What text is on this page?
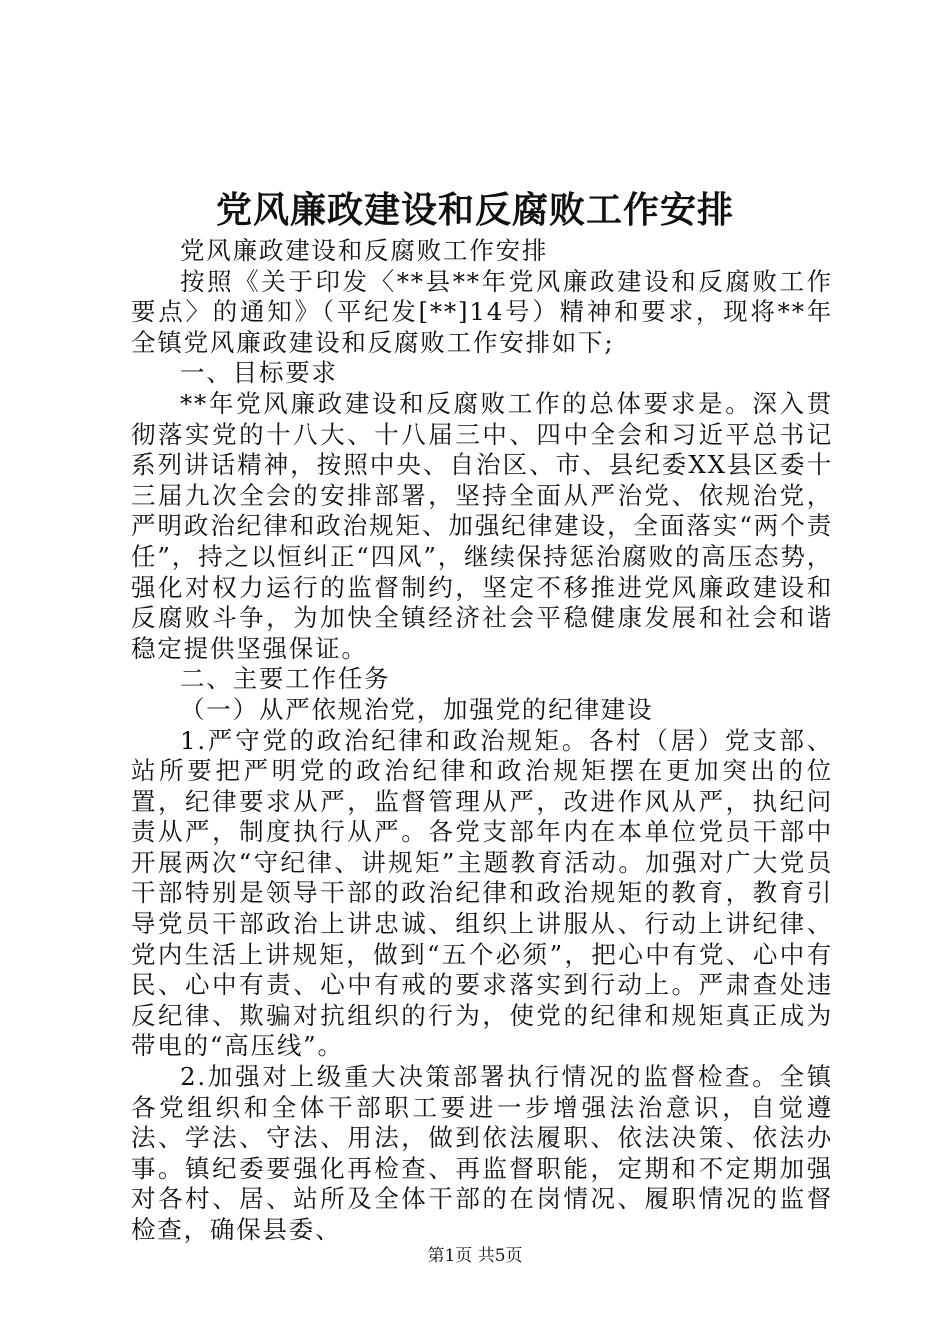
党风廉政建设和反腐败工作安排

党风廉政建设和反腐败工作安排

按照《关于印发〈**县**年党风廉政建设和反腐败工作要点〉的通知》（平纪发[**]14号）精神和要求，现将**年全镇党风廉政建设和反腐败工作安排如下;

一、目标要求

**年党风廉政建设和反腐败工作的总体要求是。深入贯彻落实党的十八大、十八届三中、四中全会和习近平总书记系列讲话精神，按照中央、自治区、市、县纪委XX县区委十三届九次全会的安排部署，坚持全面从严治党、依规治党，严明政治纪律和政治规矩、加强纪律建设，全面落实“两个责任”，持之以恒纠正“四风”，继续保持惩治腐败的高压态势，强化对权力运行的监督制约，坚定不移推进党风廉政建设和反腐败斗争，为加快全镇经济社会平稳健康发展和社会和谐稳定提供坚强保证。

二、主要工作任务

（一）从严依规治党，加强党的纪律建设

1.严守党的政治纪律和政治规矩。各村（居）党支部、站所要把严明党的政治纪律和政治规矩摆在更加突出的位置，纪律要求从严，监督管理从严，改进作风从严，执纪问责从严，制度执行从严。各党支部年内在本单位党员干部中开展两次“守纪律、讲规矩”主题教育活动。加强对广大党员干部特别是领导干部的政治纪律和政治规矩的教育，教育引导党员干部政治上讲忠诚、组织上讲服从、行动上讲纪律、党内生活上讲规矩，做到“五个必须”，把心中有党、心中有民、心中有责、心中有戒的要求落实到行动上。严肃查处违反纪律、欺骗对抗组织的行为，使党的纪律和规矩真正成为带电的“高压线”。

2.加强对上级重大决策部署执行情况的监督检查。全镇各党组织和全体干部职工要进一步增强法治意识，自觉遵法、学法、守法、用法，做到依法履职、依法决策、依法办事。镇纪委要强化再检查、再监督职能，定期和不定期加强对各村、居、站所及全体干部的在岗情况、履职情况的监督检查，确保县委、

第1页 共5页
